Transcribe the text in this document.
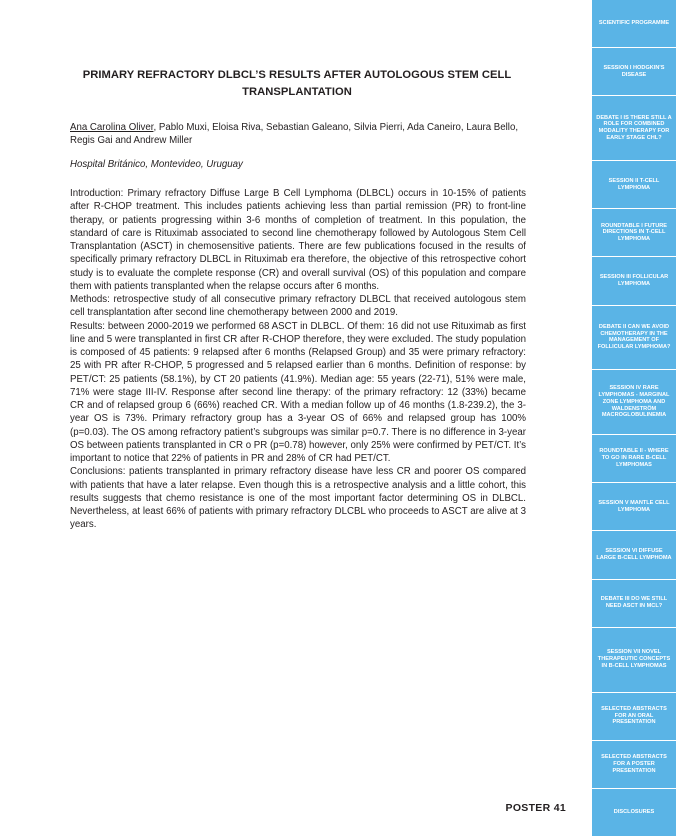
PRIMARY REFRACTORY DLBCL’S RESULTS AFTER AUTOLOGOUS STEM CELL TRANSPLANTATION
Ana Carolina Oliver, Pablo Muxi, Eloisa Riva, Sebastian Galeano, Silvia Pierri, Ada Caneiro, Laura Bello, Regis Gai and Andrew Miller
Hospital Británico, Montevideo, Uruguay

Introduction: Primary refractory Diffuse Large B Cell Lymphoma (DLBCL) occurs in 10-15% of patients after R-CHOP treatment. This includes patients achieving less than partial remission (PR) to front-line therapy, or patients progressing within 3-6 months of completion of treatment. In this population, the standard of care is Rituximab associated to second line chemotherapy followed by Autologous Stem Cell Transplantation (ASCT) in chemosensitive patients. There are few publications focused in the results of specifically primary refractory DLBCL in Rituximab era therefore, the objective of this retrospective cohort study is to evaluate the complete response (CR) and overall survival (OS) of this population and compare them with patients transplanted when the relapse occurs after 6 months.

Methods: retrospective study of all consecutive primary refractory DLBCL that received autologous stem cell transplantation after second line chemotherapy between 2000 and 2019.

Results: between 2000-2019 we performed 68 ASCT in DLBCL. Of them: 16 did not use Rituximab as first line and 5 were transplanted in first CR after R-CHOP therefore, they were excluded. The study population is composed of 45 patients: 9 relapsed after 6 months (Relapsed Group) and 35 were primary refractory: 25 with PR after R-CHOP, 5 progressed and 5 relapsed earlier than 6 months. Definition of response: by PET/CT: 25 patients (58.1%), by CT 20 patients (41.9%). Median age: 55 years (22-71), 51% were male, 71% were stage III-IV. Response after second line therapy: of the primary refractory: 12 (33%) became CR and of relapsed group 6 (66%) reached CR. With a median follow up of 46 months (1.8-239.2), the 3-year OS is 73%. Primary refractory group has a 3-year OS of 66% and relapsed group has 100% (p=0.03). The OS among refractory patient’s subgroups was similar p=0.7. There is no difference in 3-year OS between patients transplanted in CR o PR (p=0.78) however, only 25% were confirmed by PET/CT. It’s important to notice that 22% of patients in PR and 28% of CR had PET/CT.

Conclusions: patients transplanted in primary refractory disease have less CR and poorer OS compared with patients that have a later relapse. Even though this is a retrospective analysis and a little cohort, this results suggests that chemo resistance is one of the most important factor determining OS in DLBCL. Nevertheless, at least 66% of patients with primary refractory DLCBL who proceeds to ASCT are alive at 3 years.

POSTER 41
SCIENTIFIC PROGRAMME
SESSION I HODGKIN'S DISEASE
DEBATE I IS THERE STILL A ROLE FOR COMBINED MODALITY THERAPY FOR EARLY STAGE CHL?
SESSION II T-CELL LYMPHOMA
ROUNDTABLE I FUTURE DIRECTIONS IN T-CELL LYMPHOMA
SESSION III FOLLICULAR LYMPHOMA
DEBATE II CAN WE AVOID CHEMOTHERAPY IN THE MANAGEMENT OF FOLLICULAR LYMPHOMA?
SESSION IV RARE LYMPHOMAS - MARGINAL ZONE LYMPHOMA AND WALDENSTRÖM MACROGLOBULINEMIA
ROUNDTABLE II - WHERE TO GO IN RARE B-CELL LYMPHOMAS
SESSION V MANTLE CELL LYMPHOMA
SESSION VI DIFFUSE LARGE B-CELL LYMPHOMA
DEBATE III DO WE STILL NEED ASCT IN MCL?
SESSION VII NOVEL THERAPEUTIC CONCEPTS IN B-CELL LYMPHOMAS
SELECTED ABSTRACTS FOR AN ORAL PRESENTATION
SELECTED ABSTRACTS FOR A POSTER PRESENTATION
DISCLOSURES
